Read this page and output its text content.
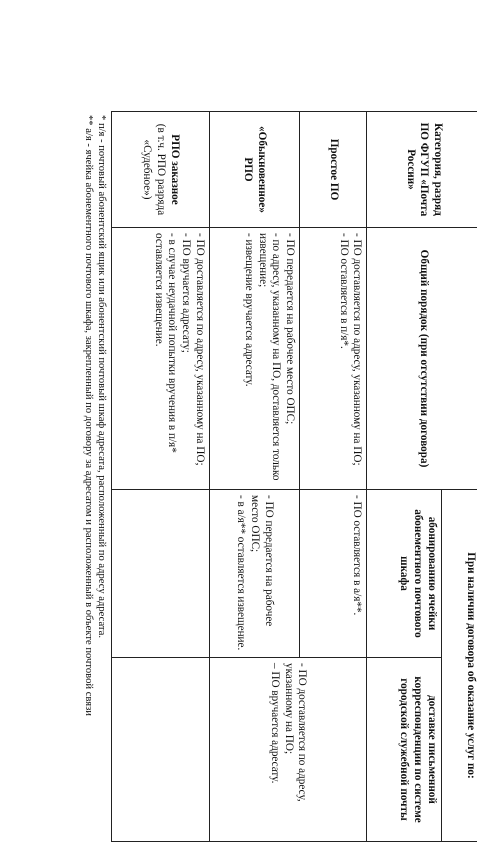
Категория, разряд ПО ФГУП «Почта России»	Общий порядок (при отсутствии договора)	При наличии договора об оказание услуг по:	
		абонированию ячейки абонементного почтового шкафа	доставке письменной корреспонденции по системе городской служебной почты
Простое ПО	- ПО доставляется по адресу, указанному на ПО;
- ПО оставляется в п/я*.	- ПО оставляется в а/я**.	- ПО доставляется по адресу, указанному на ПО;
– ПО вручается адресату.

«Обыкновенное» РПО	- ПО передается на рабочее место ОПС;
- по адресу, указанному на ПО, доставляется только извещение;
- извещение вручается адресату.	- ПО передается на рабочее место ОПС;
- в а/я** оставляется извещение.	

РПО заказное
(в т.ч. РПО разряда «Судебное»)	- ПО доставляется по адресу, указанному на ПО;
- ПО вручается адресату;
- в случае неудачной попытки вручения в п/я* оставляется извещение.		

* п/я - почтовый абонентский ящик или абонентский почтовый шкаф адресата, расположенный по адресу адресата.
** а/я - ячейка абонементного почтового шкафа, закрепленный по договору за адресатом и расположенный в объекте почтовой связи
